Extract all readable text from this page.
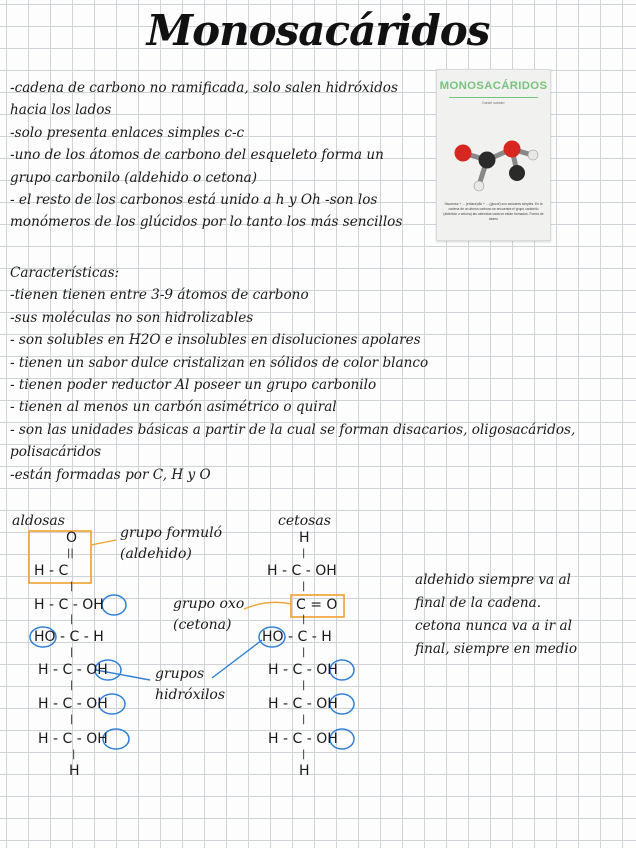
Monosacáridos
-cadena de carbono no ramificada, solo salen hidróxidos
hacia los lados
-solo presenta enlaces simples c-c
-uno de los átomos de carbono del esqueleto forma un
grupo carbonilo (aldehido o cetona)
- el resto de los carbonos está unido a h y Oh -son los
monómeros de los glúcidos por lo tanto los más sencillos
MONOSACÁRIDOS
Daniel sabater
Sacarosa + ... (enlace)dio + ... (glucof) son azúcares simples. En la cadena de un átomo carbono se encuentra el grupo carbonilo (aldehído o cetona) las valencias cada se están formados. Forma de átomo
Características:
-tienen tienen entre 3-9 átomos de carbono
-sus moléculas no son hidrolizables
- son solubles en H2O e insolubles en disoluciones apolares
- tienen un sabor dulce cristalizan en sólidos de color blanco
- tienen poder reductor Al poseer un grupo carbonilo
- tienen al menos un carbón asimétrico o quiral
- son las unidades básicas a partir de la cual se forman disacarios, oligosacáridos,
polisacáridos
-están formadas por C, H y O
aldosas	cetosas
grupo formuló
(aldehido)
grupo oxo
(cetona)
grupos
hidróxilos
O
||
H - C
|
H - C - OH
|
HO - C - H
|
H - C - OH
|
H - C - OH
|
H - C - OH
|
H
H
|
H - C - OH
|
C = O
|
HO - C - H
|
H - C - OH
|
H - C - OH
|
H - C - OH
|
H
aldehido siempre va al
final de la cadena.
cetona nunca va a ir al
final, siempre en medio
